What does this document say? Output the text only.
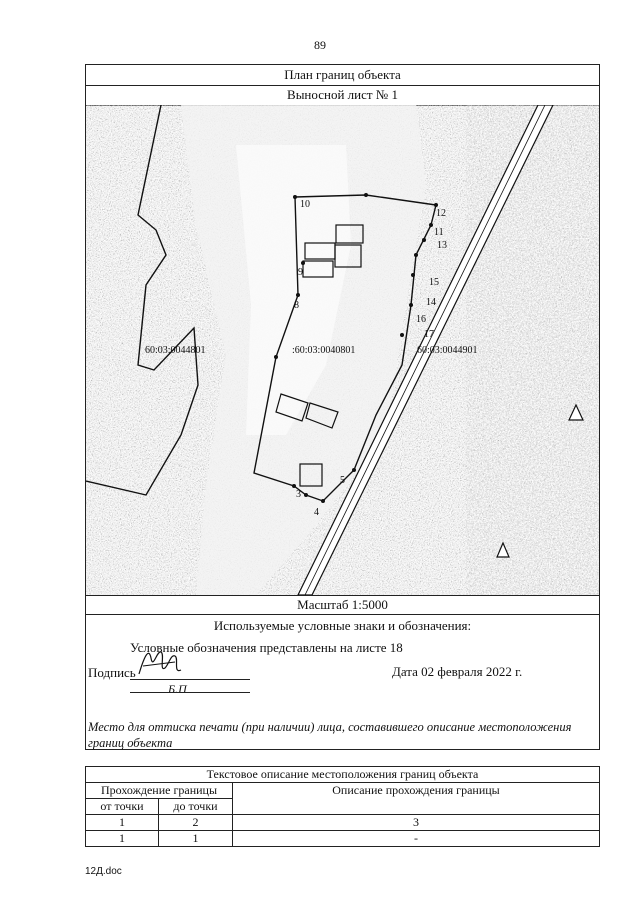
89
План границ объекта
Выносной лист № 1
10
12
13
15
17
8
9
5
4
3
11
14
16
60:03:0044801	:60:03:0040801	60:03:0044901
Масштаб 1:5000
Используемые условные знаки и обозначения:
Условные обозначения представлены на листе 18
Подпись
Б.П
Дата 02 февраля 2022 г.
Место для оттиска печати (при наличии) лица, составившего описание местоположения границ объекта
Текстовое описание местоположения границ объекта		
Прохождение границы		Описание прохождения границы
от точки	до точки	
1	2	3
1	1	-
12Д.doc
